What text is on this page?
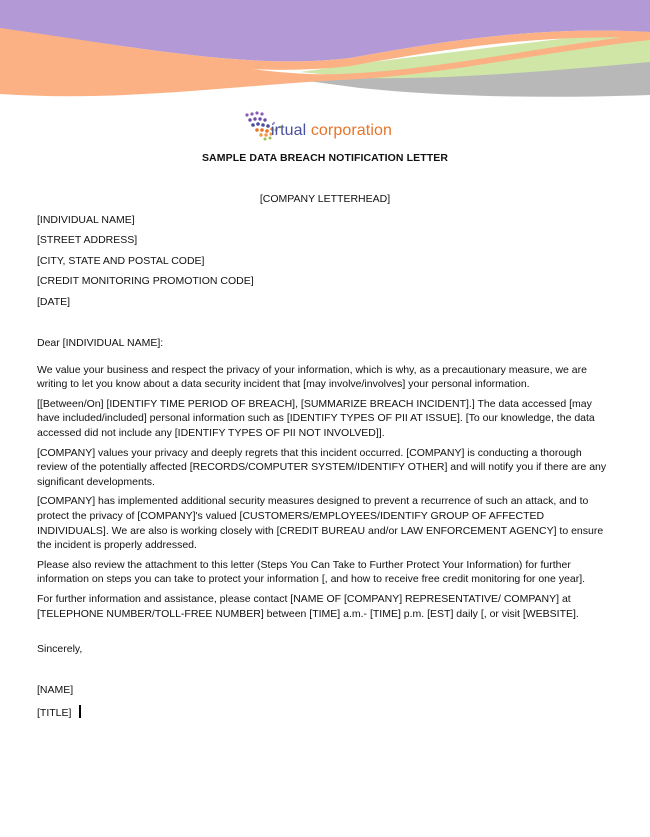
irtual corporation
SAMPLE DATA BREACH NOTIFICATION LETTER
[COMPANY LETTERHEAD]
[INDIVIDUAL NAME]
[STREET ADDRESS]
[CITY, STATE AND POSTAL CODE]
[CREDIT MONITORING PROMOTION CODE]
[DATE]

Dear [INDIVIDUAL NAME]:

We value your business and respect the privacy of your information, which is why, as a precautionary measure, we are writing to let you know about a data security incident that [may involve/involves] your personal information.

[[Between/On] [IDENTIFY TIME PERIOD OF BREACH], [SUMMARIZE BREACH INCIDENT].] The data accessed [may have included/included] personal information such as [IDENTIFY TYPES OF PII AT ISSUE]. [To our knowledge, the data accessed did not include any [IDENTIFY TYPES OF PII NOT INVOLVED]].

[COMPANY] values your privacy and deeply regrets that this incident occurred. [COMPANY] is conducting a thorough review of the potentially affected [RECORDS/COMPUTER SYSTEM/IDENTIFY OTHER] and will notify you if there are any significant developments.

[COMPANY] has implemented additional security measures designed to prevent a recurrence of such an attack, and to protect the privacy of [COMPANY]'s valued [CUSTOMERS/EMPLOYEES/IDENTIFY GROUP OF AFFECTED INDIVIDUALS]. We are also is working closely with [CREDIT BUREAU and/or LAW ENFORCEMENT AGENCY] to ensure the incident is properly addressed.

Please also review the attachment to this letter (Steps You Can Take to Further Protect Your Information) for further information on steps you can take to protect your information [, and how to receive free credit monitoring for one year].

For further information and assistance, please contact [NAME OF [COMPANY] REPRESENTATIVE/ COMPANY] at [TELEPHONE NUMBER/TOLL-FREE NUMBER] between [TIME] a.m.- [TIME] p.m. [EST] daily [, or visit [WEBSITE].

Sincerely,
[NAME]
[TITLE]
